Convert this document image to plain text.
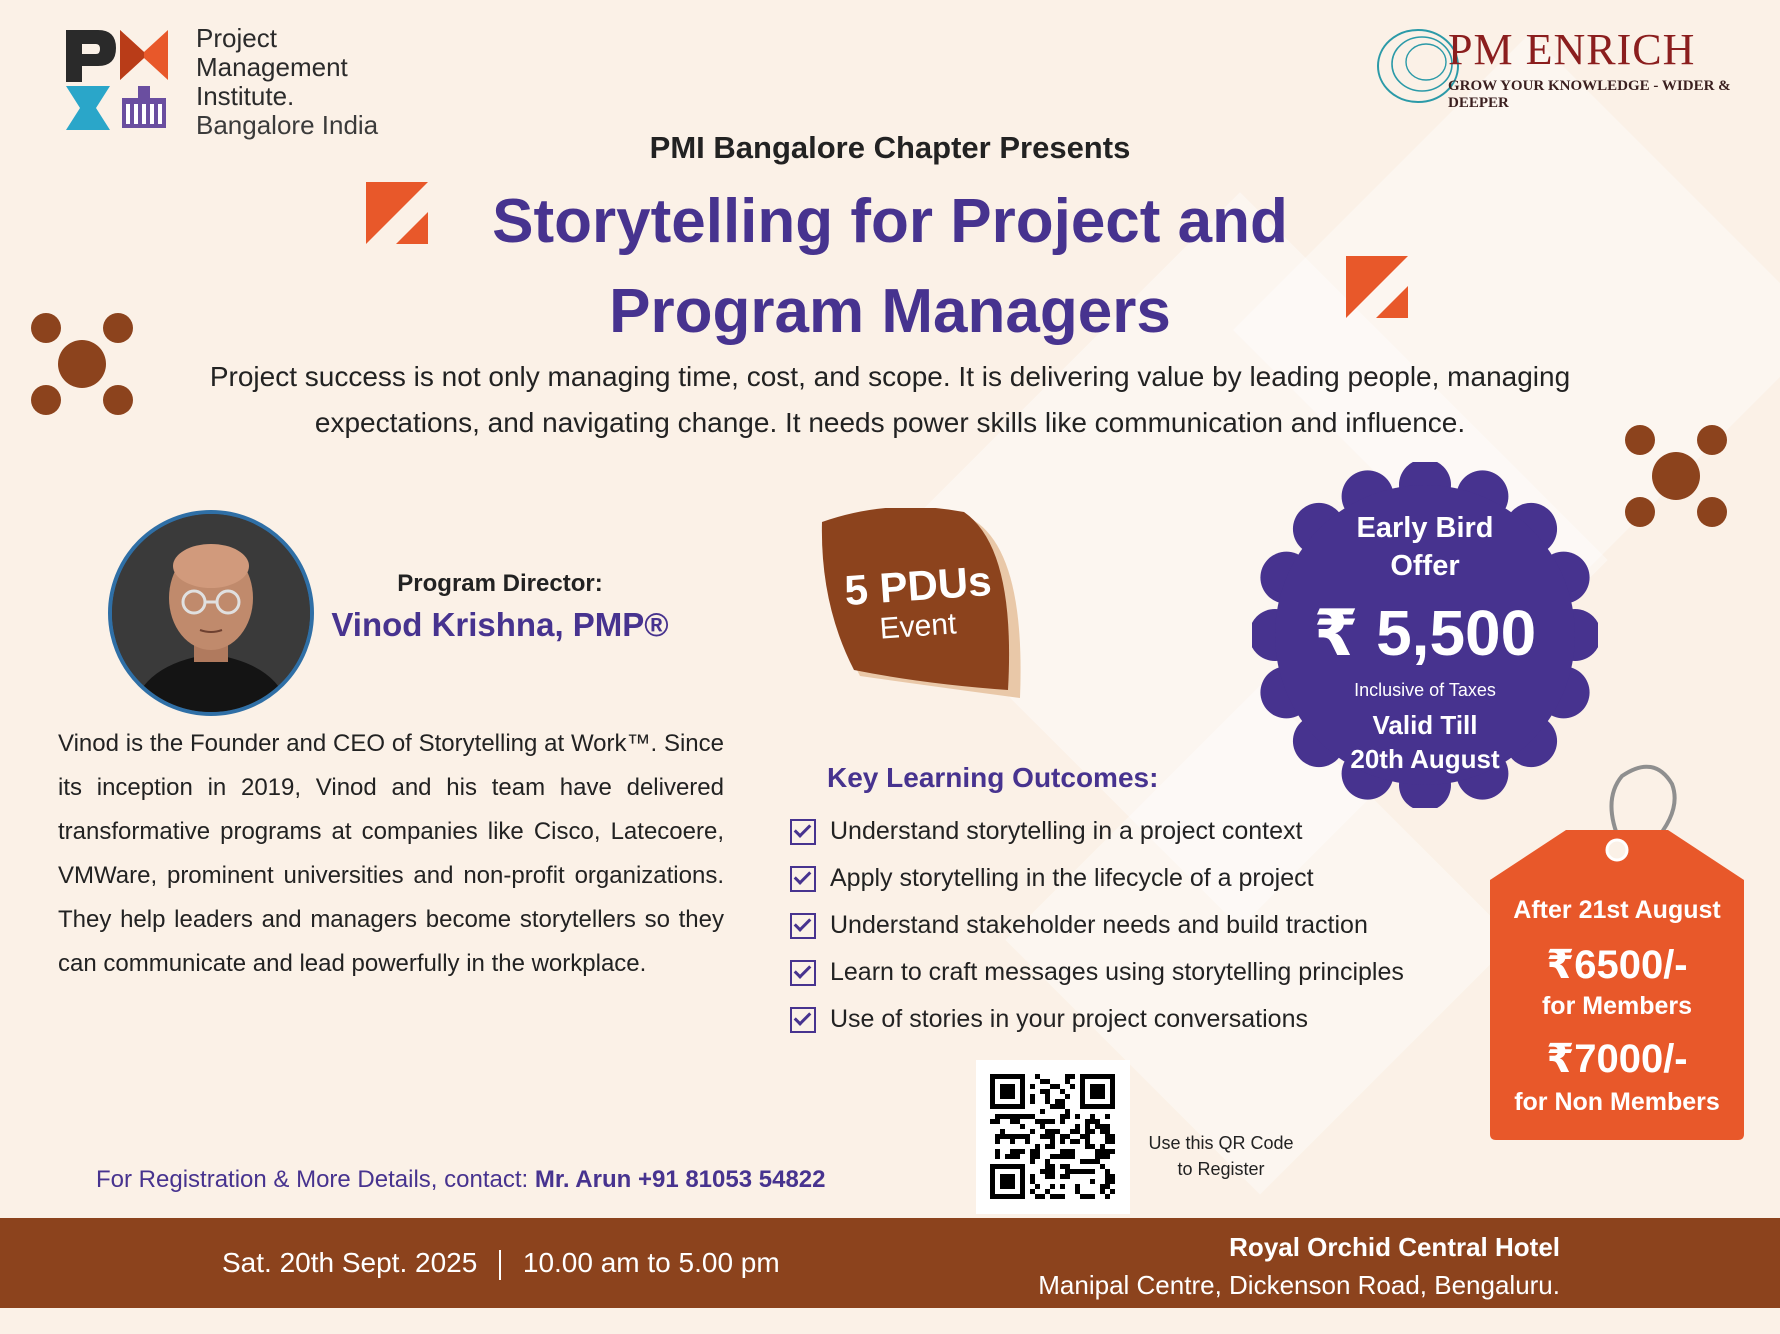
Project
Management
Institute.
Bangalore India
PM ENRICH
GROW YOUR KNOWLEDGE - WIDER & DEEPER
PMI Bangalore Chapter Presents
Storytelling for Project and
Program Managers
Project success is not only managing time, cost, and scope. It is delivering value by leading people, managing
expectations, and navigating change. It needs power skills like communication and influence.
Program Director:
Vinod Krishna, PMP®
Vinod is the Founder and CEO of Storytelling at Work™. Since its inception in 2019, Vinod and his team have delivered transformative programs at companies like Cisco, Latecoere, VMWare, prominent universities and non-profit organizations. They help leaders and managers become storytellers so they can communicate and lead powerfully in the workplace.
5 PDUs
Event
Early Bird
Offer
₹ 5,500
Inclusive of Taxes
Valid Till
20th August
Key Learning Outcomes:
Understand storytelling in a project context
Apply storytelling in the lifecycle of a project
Understand stakeholder needs and build traction
Learn to craft messages using storytelling principles
Use of stories in your project conversations
After 21st August
₹6500/-
for Members
₹7000/-
for Non Members
Use this QR Code
to Register
For Registration & More Details, contact: Mr. Arun +91 81053 54822
Sat. 20th Sept. 2025 10.00 am to 5.00 pm	Royal Orchid Central Hotel
Manipal Centre, Dickenson Road, Bengaluru.
